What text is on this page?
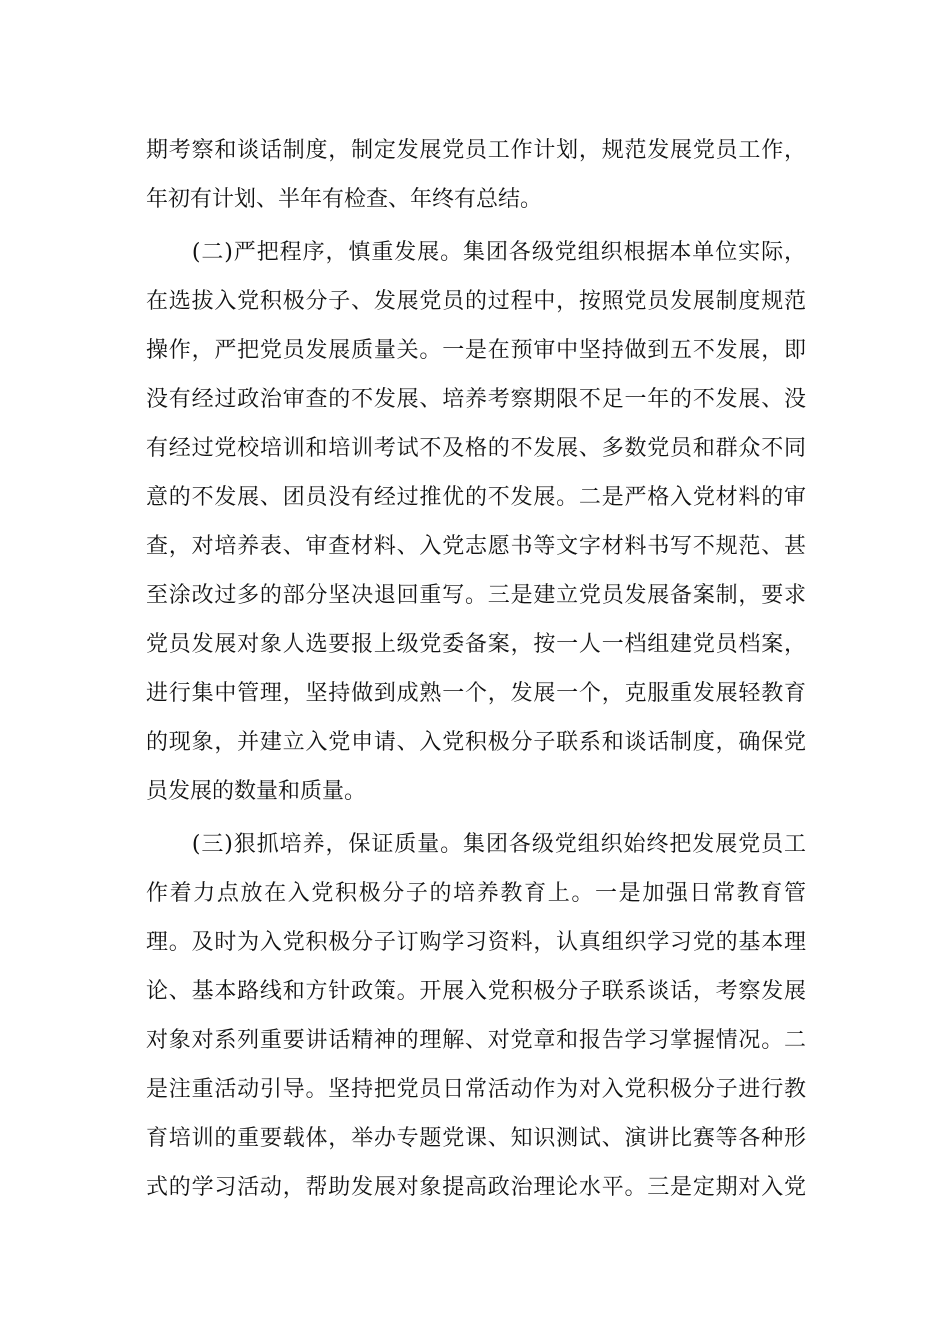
期考察和谈话制度，制定发展党员工作计划，规范发展党员工作，
年初有计划、半年有检查、年终有总结。
　　(二)严把程序，慎重发展。集团各级党组织根据本单位实际，
在选拔入党积极分子、发展党员的过程中，按照党员发展制度规范
操作，严把党员发展质量关。一是在预审中坚持做到五不发展，即
没有经过政治审查的不发展、培养考察期限不足一年的不发展、没
有经过党校培训和培训考试不及格的不发展、多数党员和群众不同
意的不发展、团员没有经过推优的不发展。二是严格入党材料的审
查，对培养表、审查材料、入党志愿书等文字材料书写不规范、甚
至涂改过多的部分坚决退回重写。三是建立党员发展备案制，要求
党员发展对象人选要报上级党委备案，按一人一档组建党员档案，
进行集中管理，坚持做到成熟一个，发展一个，克服重发展轻教育
的现象，并建立入党申请、入党积极分子联系和谈话制度，确保党
员发展的数量和质量。
　　(三)狠抓培养，保证质量。集团各级党组织始终把发展党员工
作着力点放在入党积极分子的培养教育上。一是加强日常教育管
理。及时为入党积极分子订购学习资料，认真组织学习党的基本理
论、基本路线和方针政策。开展入党积极分子联系谈话，考察发展
对象对系列重要讲话精神的理解、对党章和报告学习掌握情况。二
是注重活动引导。坚持把党员日常活动作为对入党积极分子进行教
育培训的重要载体，举办专题党课、知识测试、演讲比赛等各种形
式的学习活动，帮助发展对象提高政治理论水平。三是定期对入党
